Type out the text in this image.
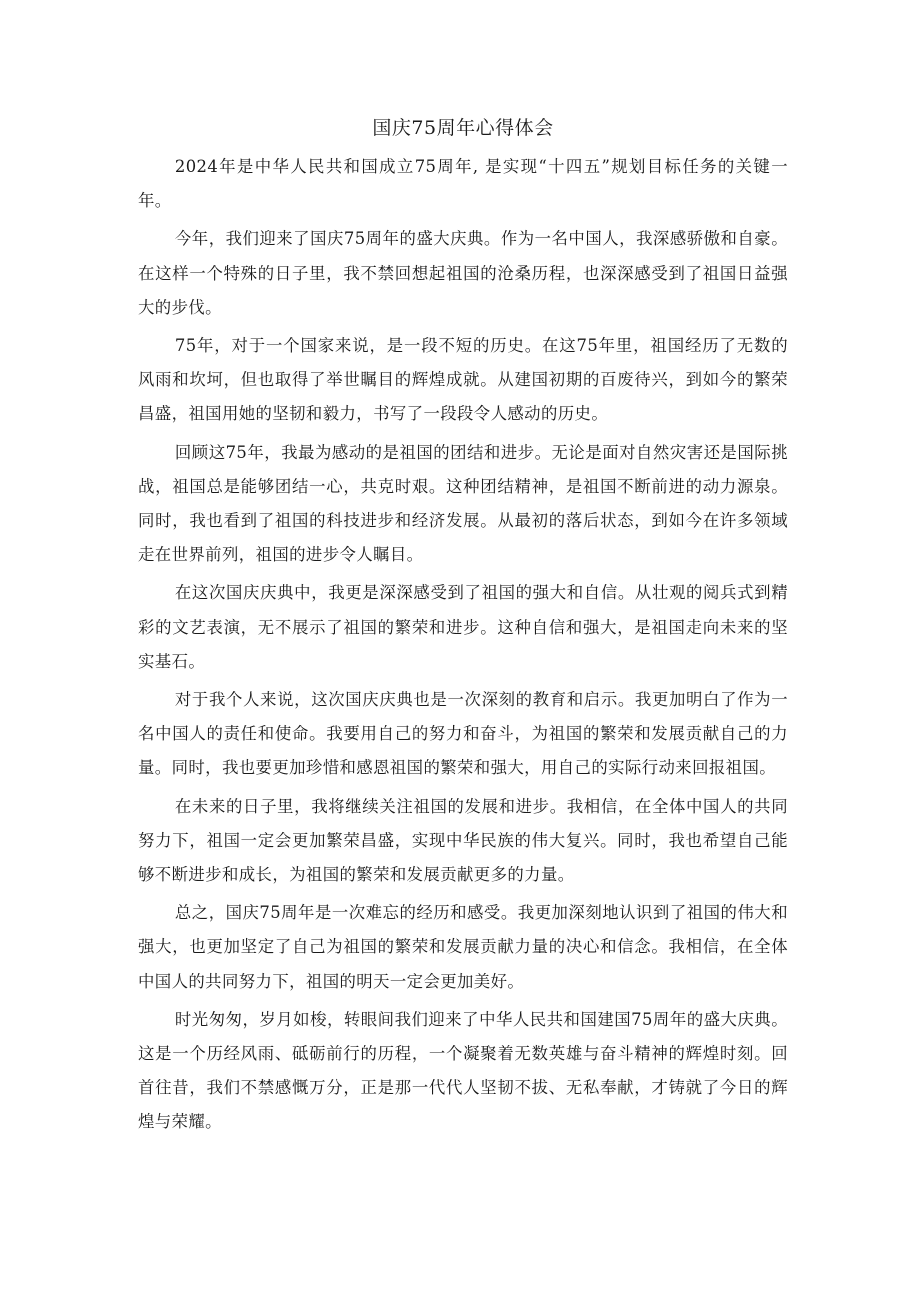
国庆75周年心得体会

2024年是中华人民共和国成立75周年, 是实现“十四五”规划目标任务的关键一年。

今年，我们迎来了国庆75周年的盛大庆典。作为一名中国人，我深感骄傲和自豪。在这样一个特殊的日子里，我不禁回想起祖国的沧桑历程，也深深感受到了祖国日益强大的步伐。

75年，对于一个国家来说，是一段不短的历史。在这75年里，祖国经历了无数的风雨和坎坷，但也取得了举世瞩目的辉煌成就。从建国初期的百废待兴，到如今的繁荣昌盛，祖国用她的坚韧和毅力，书写了一段段令人感动的历史。

回顾这75年，我最为感动的是祖国的团结和进步。无论是面对自然灾害还是国际挑战，祖国总是能够团结一心，共克时艰。这种团结精神，是祖国不断前进的动力源泉。同时，我也看到了祖国的科技进步和经济发展。从最初的落后状态，到如今在许多领域走在世界前列，祖国的进步令人瞩目。

在这次国庆庆典中，我更是深深感受到了祖国的强大和自信。从壮观的阅兵式到精彩的文艺表演，无不展示了祖国的繁荣和进步。这种自信和强大，是祖国走向未来的坚实基石。

对于我个人来说，这次国庆庆典也是一次深刻的教育和启示。我更加明白了作为一名中国人的责任和使命。我要用自己的努力和奋斗，为祖国的繁荣和发展贡献自己的力量。同时，我也要更加珍惜和感恩祖国的繁荣和强大，用自己的实际行动来回报祖国。

在未来的日子里，我将继续关注祖国的发展和进步。我相信，在全体中国人的共同努力下，祖国一定会更加繁荣昌盛，实现中华民族的伟大复兴。同时，我也希望自己能够不断进步和成长，为祖国的繁荣和发展贡献更多的力量。

总之，国庆75周年是一次难忘的经历和感受。我更加深刻地认识到了祖国的伟大和强大，也更加坚定了自己为祖国的繁荣和发展贡献力量的决心和信念。我相信，在全体中国人的共同努力下，祖国的明天一定会更加美好。

时光匆匆，岁月如梭，转眼间我们迎来了中华人民共和国建国75周年的盛大庆典。这是一个历经风雨、砥砺前行的历程，一个凝聚着无数英雄与奋斗精神的辉煌时刻。回首往昔，我们不禁感慨万分，正是那一代代人坚韧不拔、无私奉献，才铸就了今日的辉煌与荣耀。
